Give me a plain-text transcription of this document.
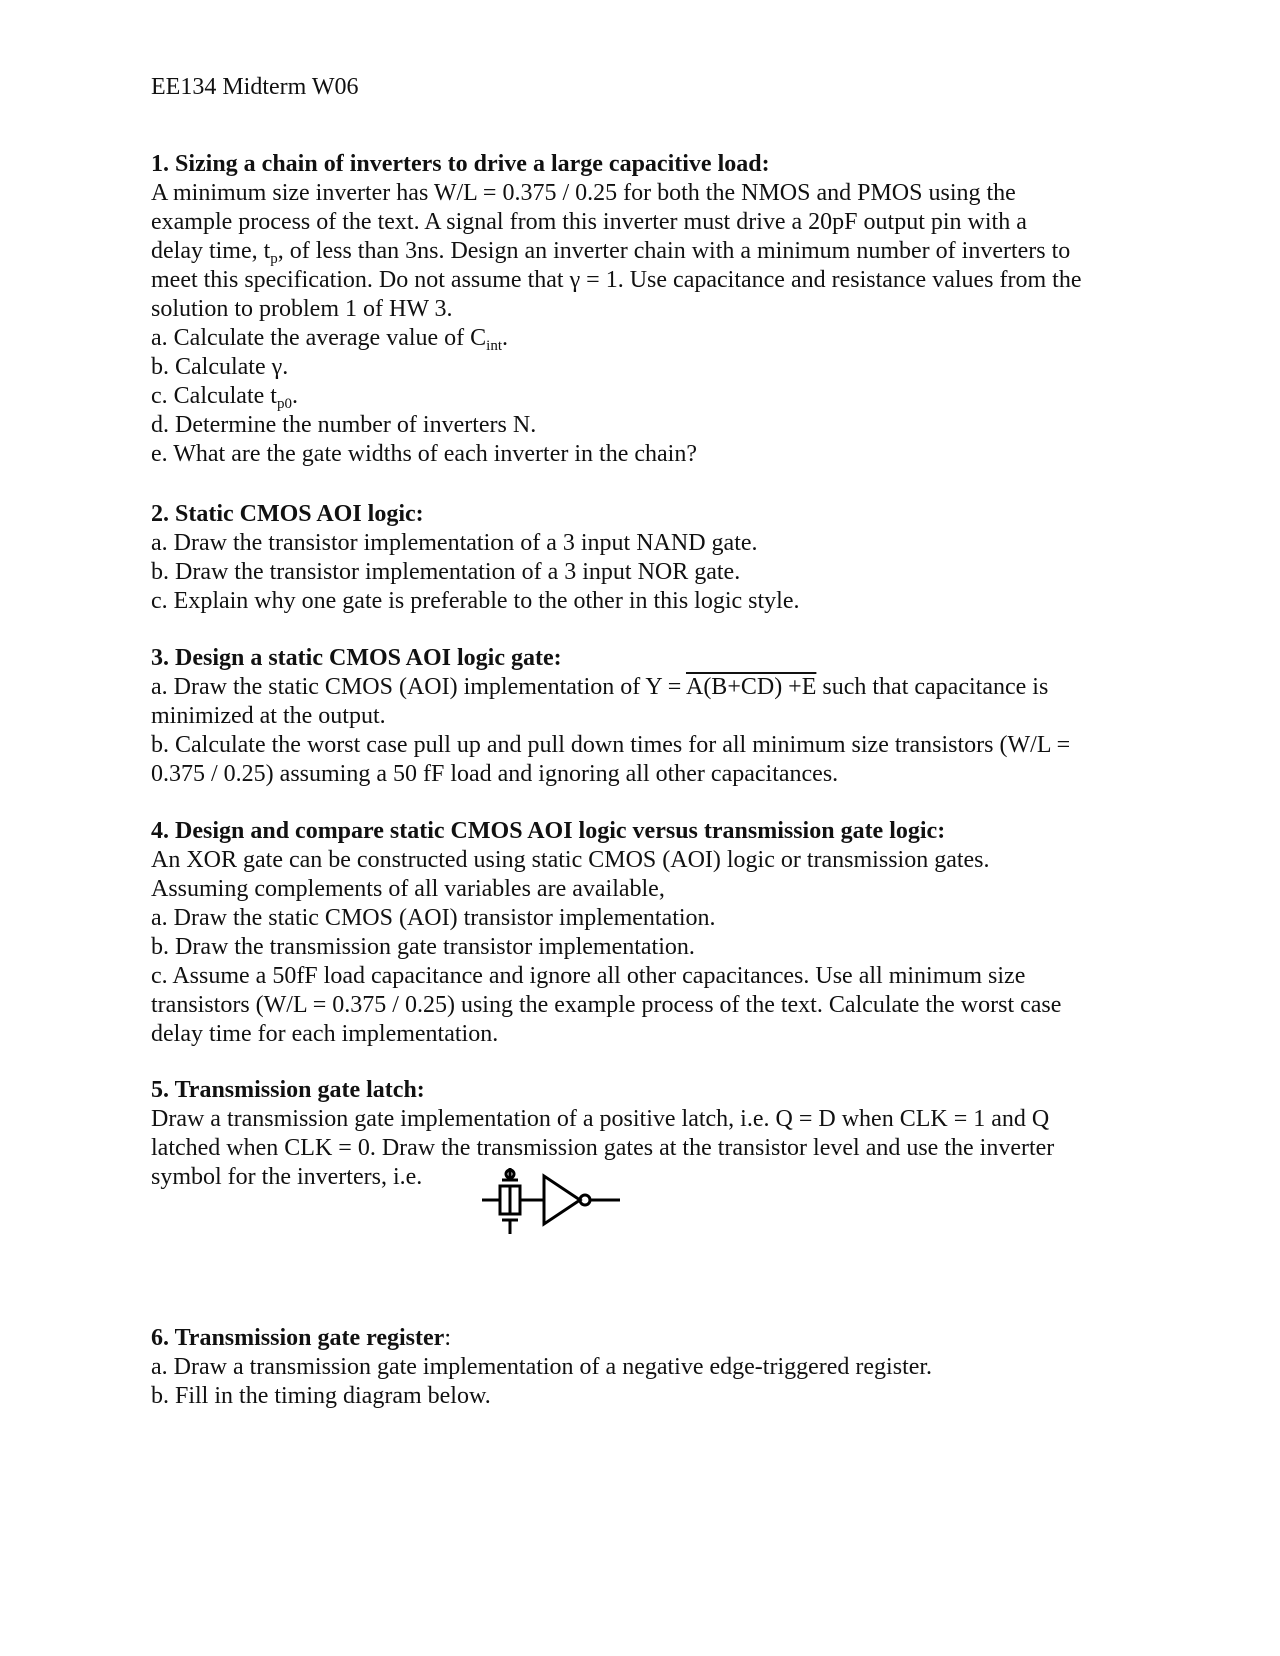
EE134 Midterm W06

1. Sizing a chain of inverters to drive a large capacitive load:

A minimum size inverter has W/L = 0.375 / 0.25 for both the NMOS and PMOS using the

example process of the text. A signal from this inverter must drive a 20pF output pin with a

delay time, $t_p$, of less than 3ns. Design an inverter chain with a minimum number of inverters to

meet this specification. Do not assume that γ = 1. Use capacitance and resistance values from the

solution to problem 1 of HW 3.

a. Calculate the average value of $C_{int}$.

b. Calculate γ.

c. Calculate $t_{p0}$.

d. Determine the number of inverters N.

e. What are the gate widths of each inverter in the chain?

2. Static CMOS AOI logic:

a. Draw the transistor implementation of a 3 input NAND gate.

b. Draw the transistor implementation of a 3 input NOR gate.

c. Explain why one gate is preferable to the other in this logic style.

3. Design a static CMOS AOI logic gate:

a. Draw the static CMOS (AOI) implementation of Y = A(B+CD) +E such that capacitance is

minimized at the output.

b. Calculate the worst case pull up and pull down times for all minimum size transistors (W/L =

0.375 / 0.25) assuming a 50 fF load and ignoring all other capacitances.

4. Design and compare static CMOS AOI logic versus transmission gate logic:

An XOR gate can be constructed using static CMOS (AOI) logic or transmission gates.

Assuming complements of all variables are available,

a. Draw the static CMOS (AOI) transistor implementation.

b. Draw the transmission gate transistor implementation.

c. Assume a 50fF load capacitance and ignore all other capacitances. Use all minimum size

transistors (W/L = 0.375 / 0.25) using the example process of the text. Calculate the worst case

delay time for each implementation.

5. Transmission gate latch:

Draw a transmission gate implementation of a positive latch, i.e. Q = D when CLK = 1 and Q

latched when CLK = 0. Draw the transmission gates at the transistor level and use the inverter

symbol for the inverters, i.e.

6. Transmission gate register:

a. Draw a transmission gate implementation of a negative edge-triggered register.

b. Fill in the timing diagram below.
